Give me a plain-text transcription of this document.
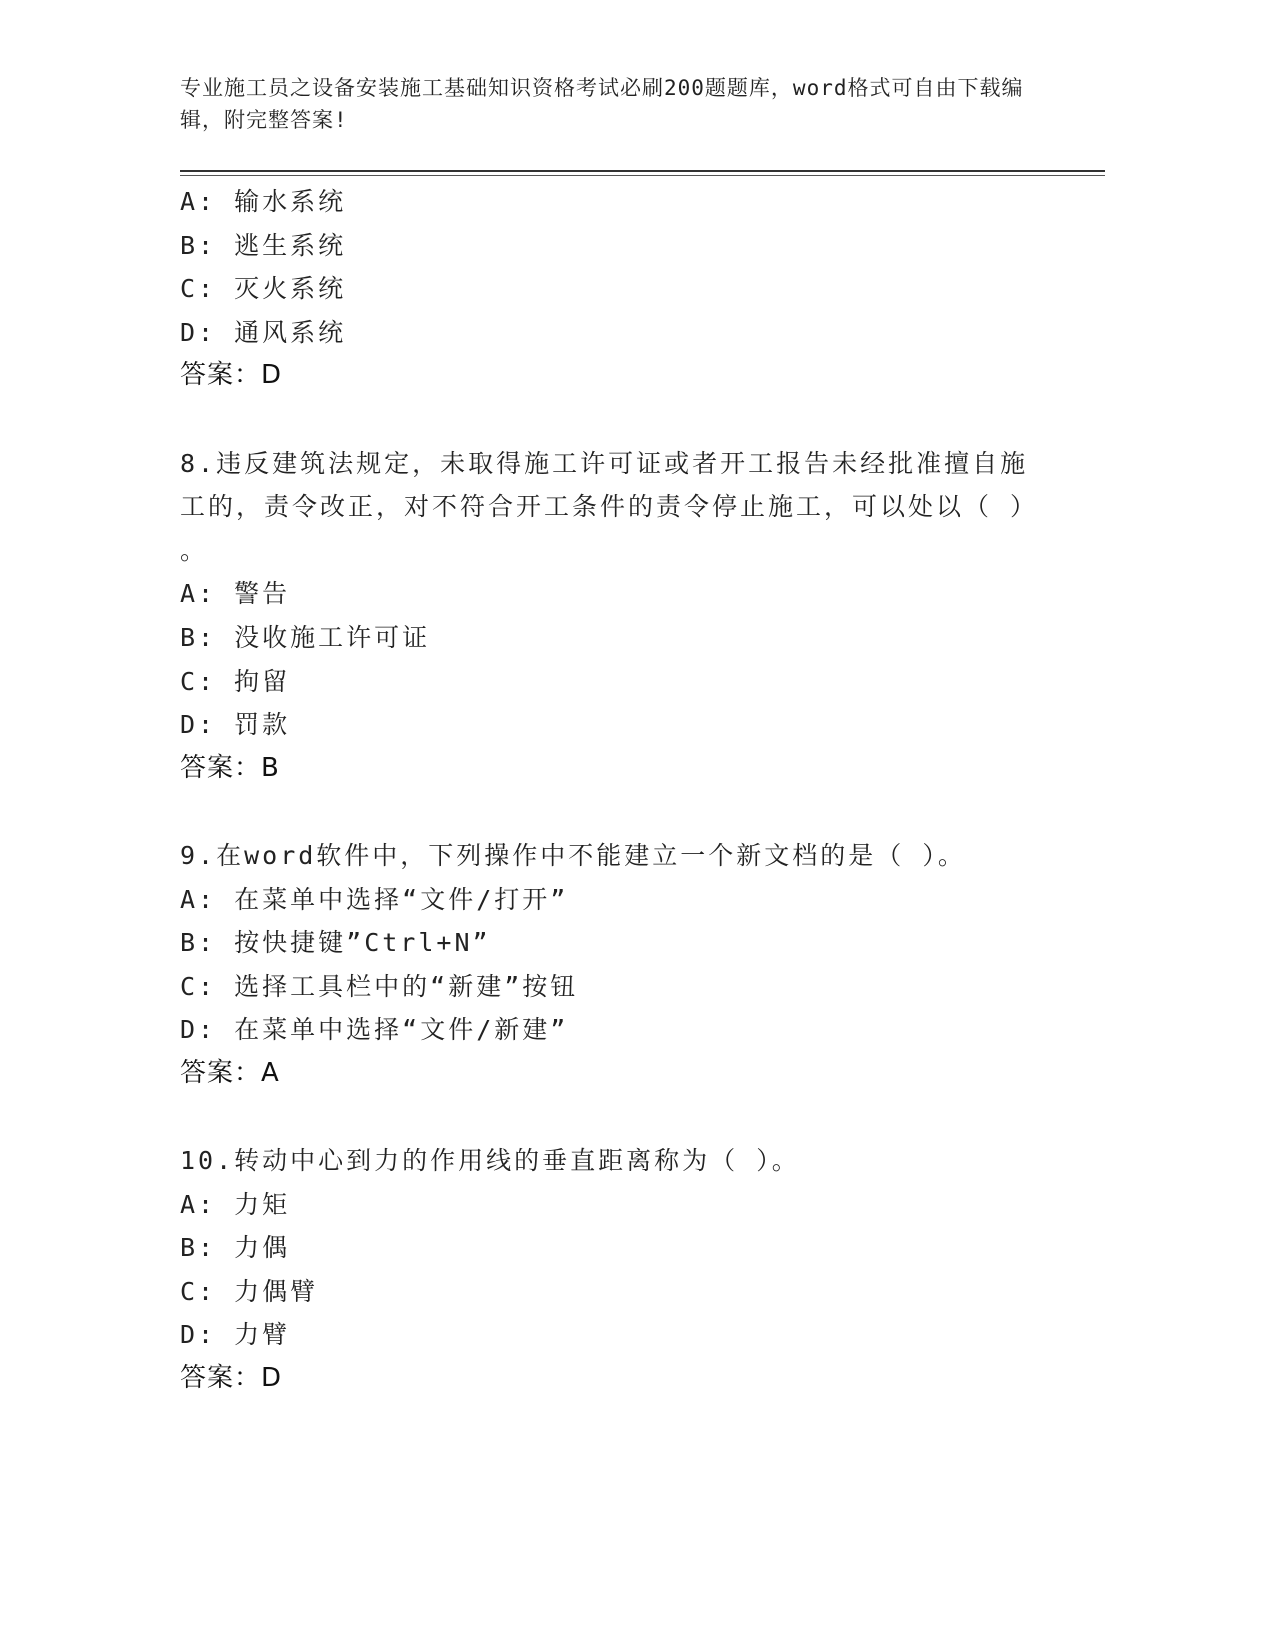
专业施工员之设备安装施工基础知识资格考试必刷200题题库，word格式可自由下载编辑，附完整答案!
A: 输水系统
B: 逃生系统
C: 灭火系统
D: 通风系统
答案：D
8.违反建筑法规定，未取得施工许可证或者开工报告未经批准擅自施
工的，责令改正，对不符合开工条件的责令停止施工，可以处以（ ）
。
A: 警告
B: 没收施工许可证
C: 拘留
D: 罚款
答案：B
9.在word软件中，下列操作中不能建立一个新文档的是（ ）。
A: 在菜单中选择“文件/打开”
B: 按快捷键”Ctrl+N”
C: 选择工具栏中的“新建”按钮
D: 在菜单中选择“文件/新建”
答案：A
10.转动中心到力的作用线的垂直距离称为（ ）。
A: 力矩
B: 力偶
C: 力偶臂
D: 力臂
答案：D
